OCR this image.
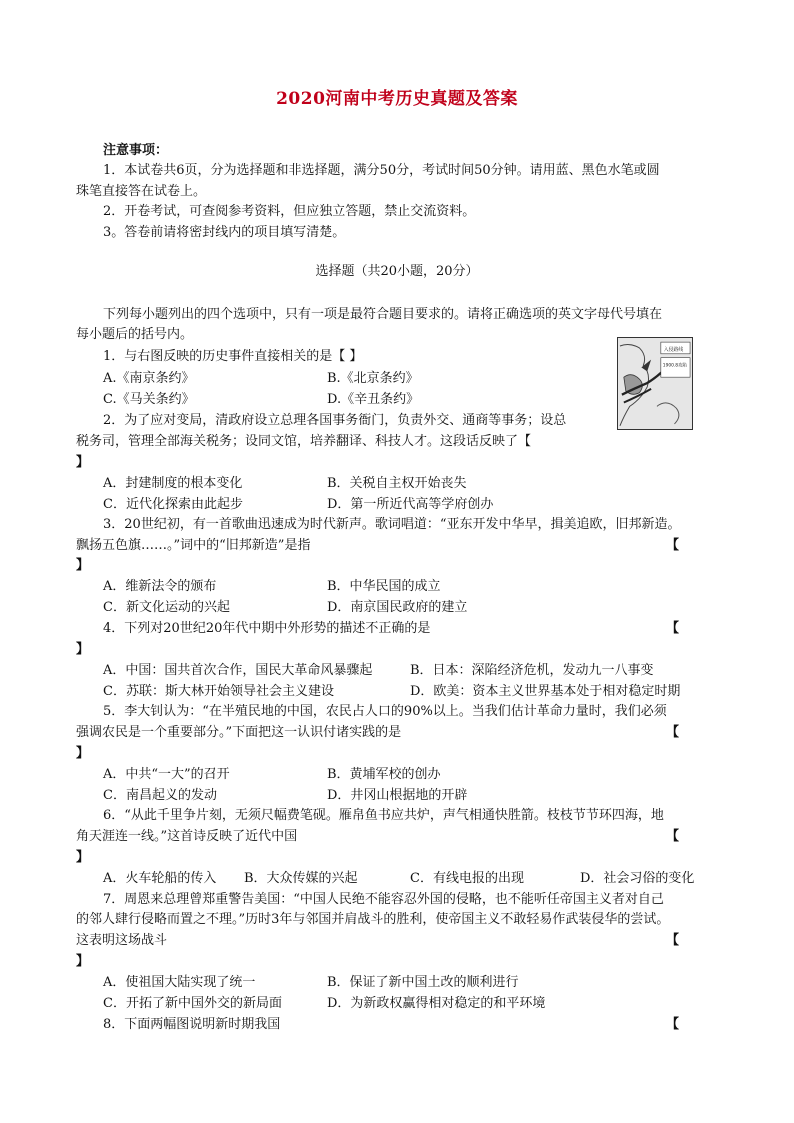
2020河南中考历史真题及答案
注意事项：
1．本试卷共6页，分为选择题和非选择题，满分50分，考试时间50分钟。请用蓝、黑色水笔或圆
珠笔直接答在试卷上。
2．开卷考试，可查阅参考资料，但应独立答题，禁止交流资料。
3。答卷前请将密封线内的项目填写清楚。
选择题（共20小题，20分）
下列每小题列出的四个选项中，只有一项是最符合题目要求的。请将正确选项的英文字母代号填在
每小题后的括号内。
入侵路线
1900.8攻陷
1．与右图反映的历史事件直接相关的是【 】
A.《南京条约》	B.《北京条约》
C.《马关条约》	D.《辛丑条约》
2．为了应对变局，清政府设立总理各国事务衙门，负责外交、通商等事务；设总
税务司，管理全部海关税务；设同文馆，培养翻译、科技人才。这段话反映了【
】
A．封建制度的根本变化	B．关税自主权开始丧失
C．近代化探索由此起步	D．第一所近代高等学府创办
3．20世纪初，有一首歌曲迅速成为时代新声。歌词唱道：“亚东开发中华早，揖美追欧，旧邦新造。
飘扬五色旗……。”词中的“旧邦新造”是指	【
】
A．维新法令的颁布	B．中华民国的成立
C．新文化运动的兴起	D．南京国民政府的建立
4．下列对20世纪20年代中期中外形势的描述不正确的是	【
】
A．中国：国共首次合作，国民大革命风暴骤起	B．日本：深陷经济危机，发动九一八事变
C．苏联：斯大林开始领导社会主义建设	D．欧美：资本主义世界基本处于相对稳定时期
5．李大钊认为：“在半殖民地的中国，农民占人口的90%以上。当我们估计革命力量时，我们必须
强调农民是一个重要部分。”下面把这一认识付诸实践的是	【
】
A．中共“一大”的召开	B．黄埔军校的创办
C．南昌起义的发动	D．井冈山根据地的开辟
6．“从此千里争片刻，无须尺幅费笔砚。雁帛鱼书应共炉，声气相通快胜箭。枝枝节节环四海，地
角天涯连一线。”这首诗反映了近代中国	【
】
A．火车轮船的传入 B．大众传媒的兴起	C．有线电报的出现	D．社会习俗的变化
7．周恩来总理曾郑重警告美国：“中国人民绝不能容忍外国的侵略，也不能听任帝国主义者对自己
的邻人肆行侵略而置之不理。”历时3年与邻国并肩战斗的胜利，使帝国主义不敢轻易作武装侵华的尝试。
这表明这场战斗	【
】
A．使祖国大陆实现了统一	B．保证了新中国土改的顺利进行
C．开拓了新中国外交的新局面	D．为新政权赢得相对稳定的和平环境
8．下面两幅图说明新时期我国	【
